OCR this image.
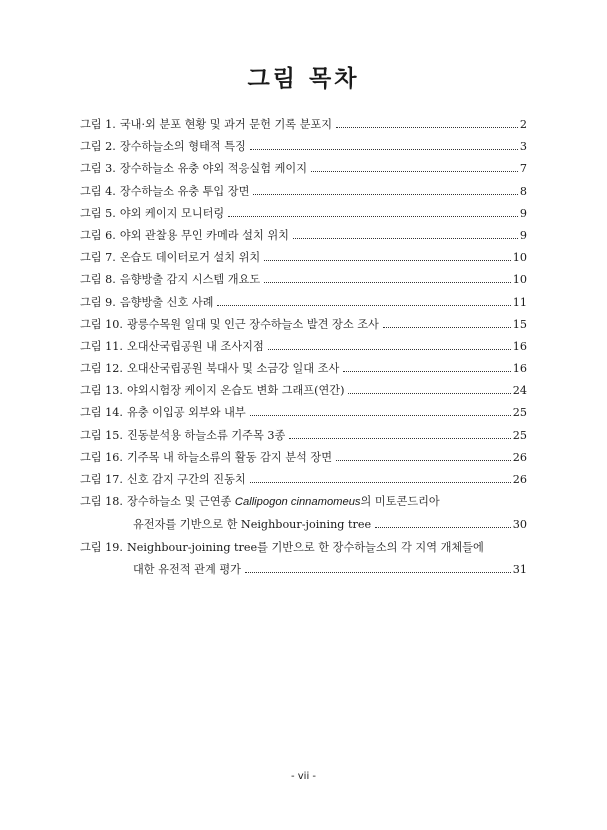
그림 목차
그림 1. 국내·외 분포 현황 및 과거 문헌 기록 분포지	2
그림 2. 장수하늘소의 형태적 특징	3
그림 3. 장수하늘소 유충 야외 적응실험 케이지	7
그림 4. 장수하늘소 유충 투입 장면	8
그림 5. 야외 케이지 모니터링	9
그림 6. 야외 관찰용 무인 카메라 설치 위치	9
그림 7. 온습도 데이터로거 설치 위치	10
그림 8. 음향방출 감지 시스템 개요도	10
그림 9. 음향방출 신호 사례	11
그림 10. 광릉수목원 일대 및 인근 장수하늘소 발견 장소 조사	15
그림 11. 오대산국립공원 내 조사지점	16
그림 12. 오대산국립공원 북대사 및 소금강 일대 조사	16
그림 13. 야외시험장 케이지 온습도 변화 그래프(연간)	24
그림 14. 유충 이입공 외부와 내부	25
그림 15. 진동분석용 하늘소류 기주목 3종	25
그림 16. 기주목 내 하늘소류의 활동 감지 분석 장면	26
그림 17. 신호 감지 구간의 진동치	26
그림 18. 장수하늘소 및 근연종 Callipogon cinnamomeus의 미토콘드리아
유전자를 기반으로 한 Neighbour-joining tree	30
그림 19. Neighbour-joining tree를 기반으로 한 장수하늘소의 각 지역 개체들에
대한 유전적 관계 평가	31
- vii -
